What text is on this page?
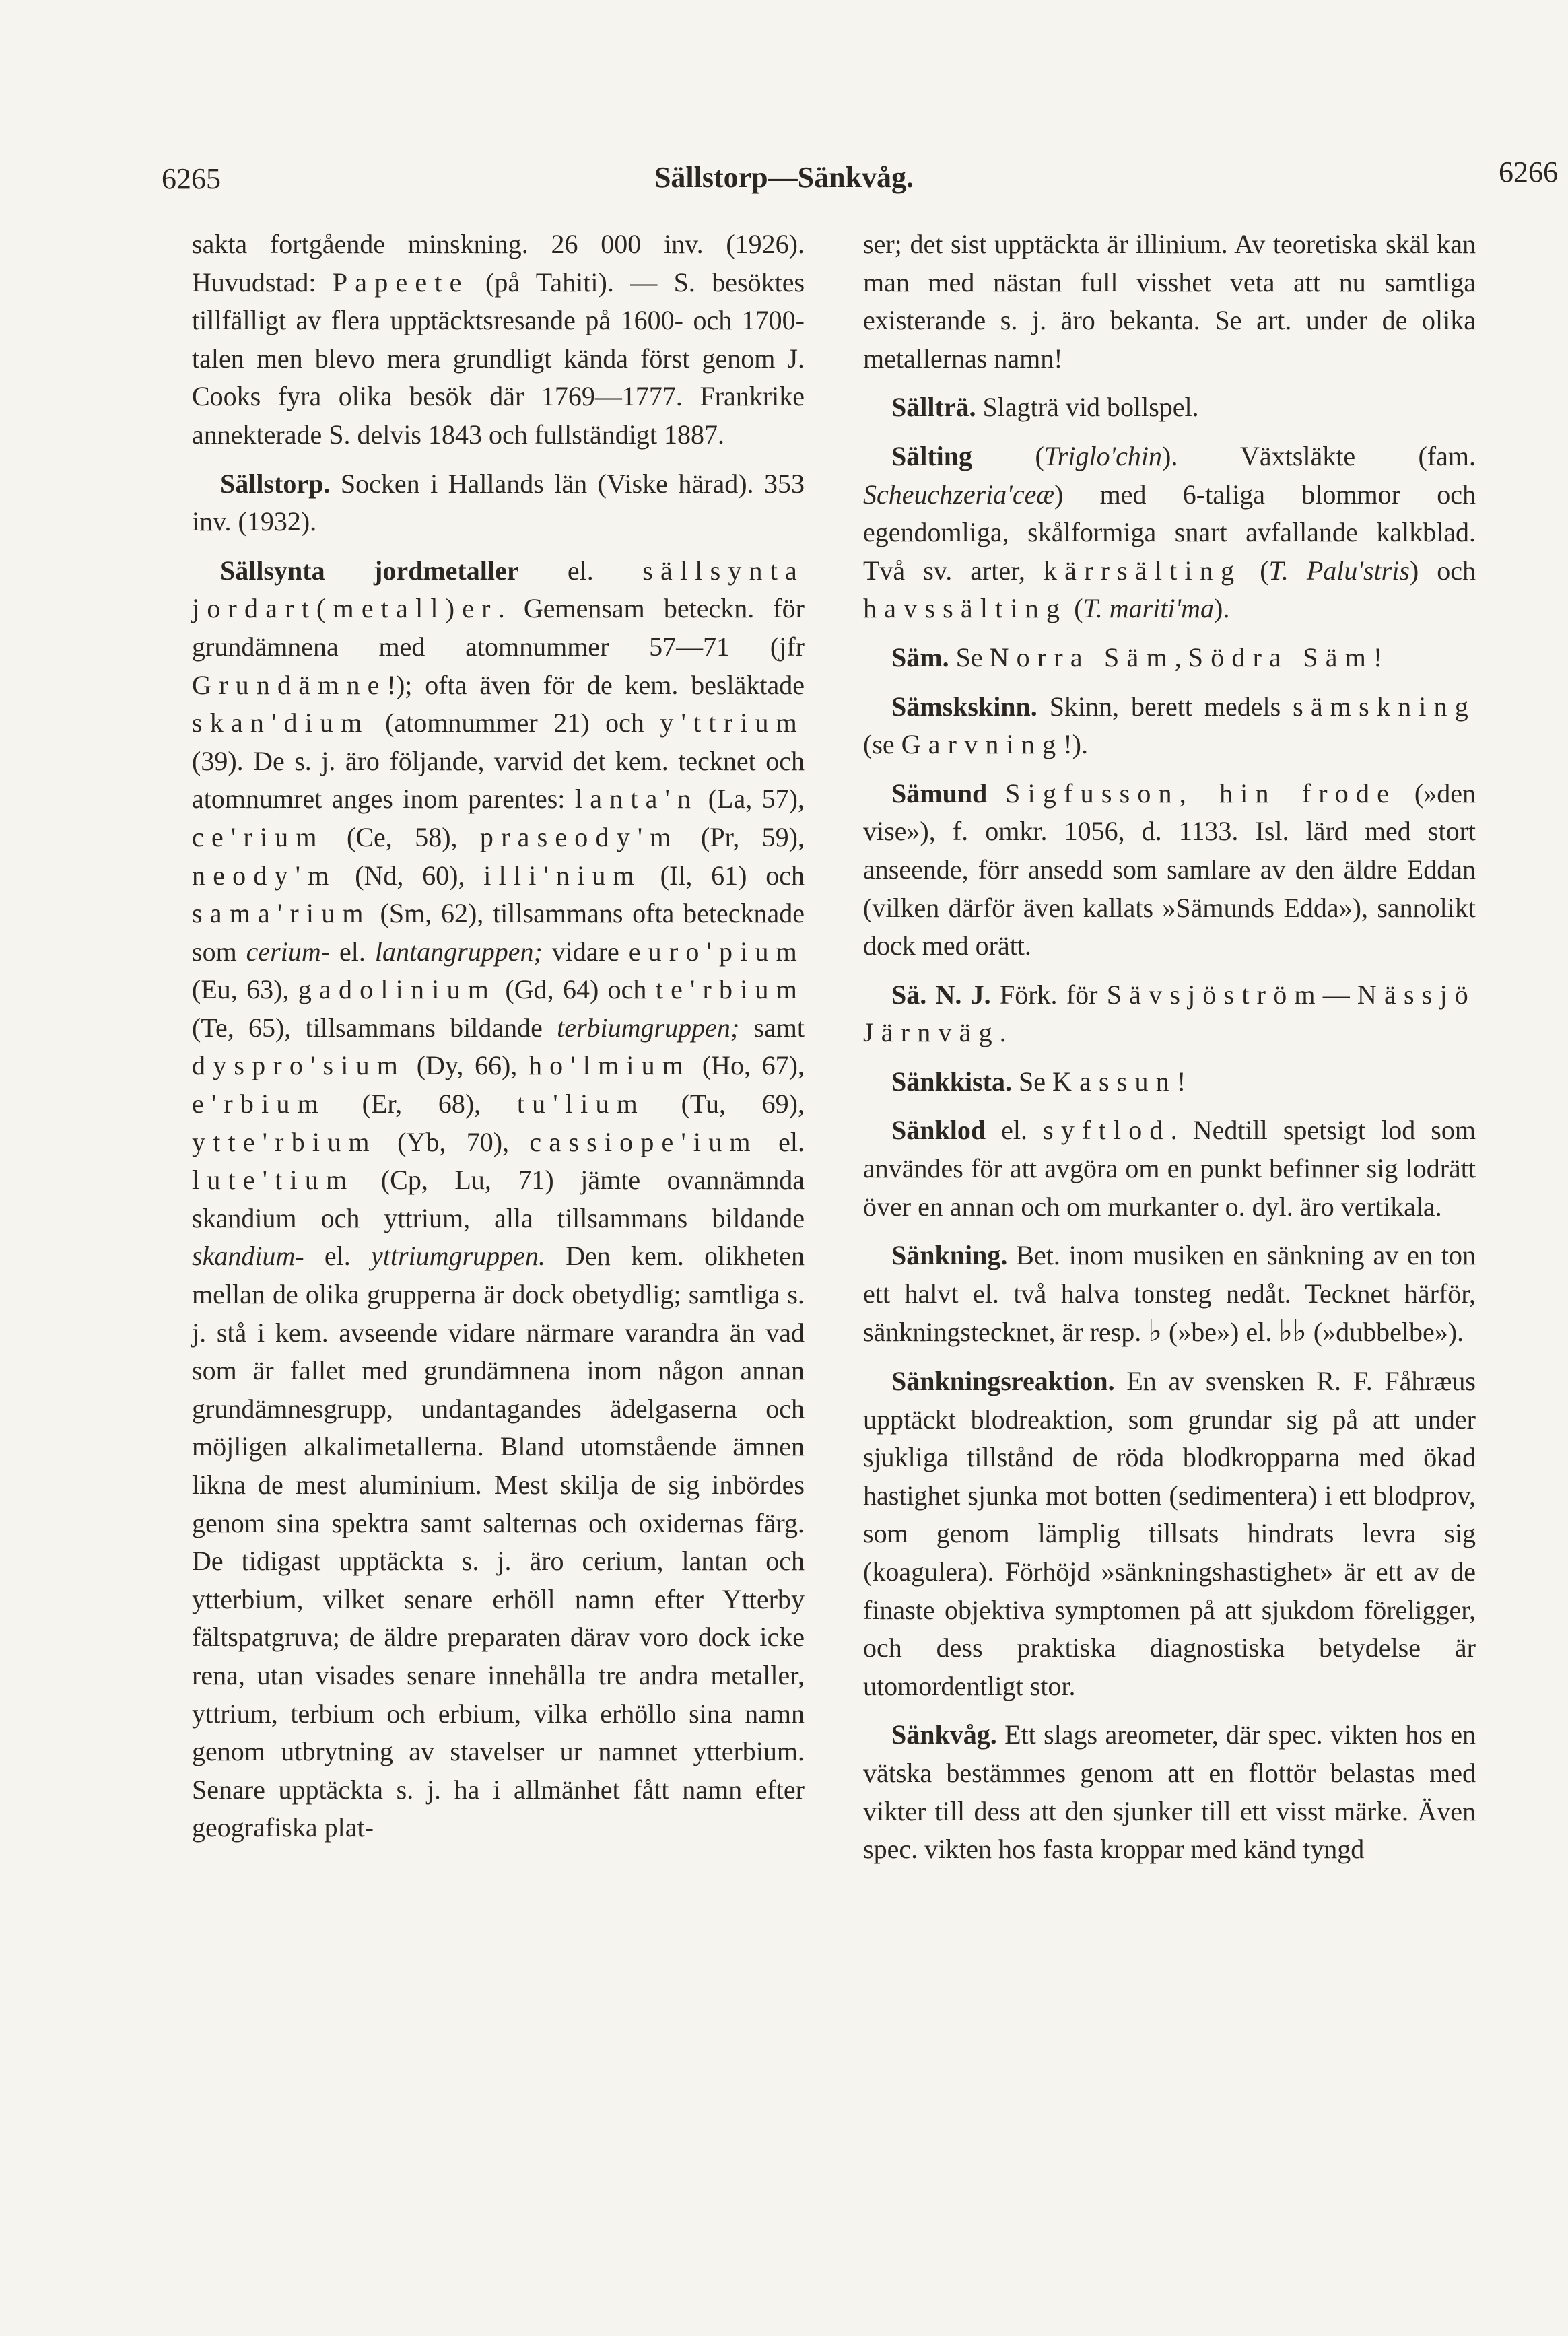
6265	Sällstorp—Sänkvåg.	6266

sakta fortgående minskning. 26 000 inv. (1926). Huvudstad: Papeete (på Tahiti). — S. besöktes tillfälligt av flera upptäcktsresande på 1600- och 1700-talen men blevo mera grundligt kända först genom J. Cooks fyra olika besök där 1769—1777. Frankrike annekterade S. delvis 1843 och fullständigt 1887.

Sällstorp. Socken i Hallands län (Viske härad). 353 inv. (1932).

Sällsynta jordmetaller el. sällsynta jordart(metall)er. Gemensam beteckn. för grundämnena med atomnummer 57—71 (jfr Grundämne!); ofta även för de kem. besläktade skan'dium (atomnummer 21) och y'ttrium (39). De s. j. äro följande, varvid det kem. tecknet och atomnumret anges inom parentes: lanta'n (La, 57), ce'rium (Ce, 58), praseody'm (Pr, 59), neody'm (Nd, 60), illi'nium (Il, 61) och sama'rium (Sm, 62), tillsammans ofta betecknade som cerium- el. lantangruppen; vidare euro'pium (Eu, 63), gadolinium (Gd, 64) och te'rbium (Te, 65), tillsammans bildande terbiumgruppen; samt dyspro'sium (Dy, 66), ho'lmium (Ho, 67), e'rbium (Er, 68), tu'lium (Tu, 69), ytte'rbium (Yb, 70), cassiope'ium el. lute'tium (Cp, Lu, 71) jämte ovannämnda skandium och yttrium, alla tillsammans bildande skandium- el. yttriumgruppen. Den kem. olikheten mellan de olika grupperna är dock obetydlig; samtliga s. j. stå i kem. avseende vidare närmare varandra än vad som är fallet med grundämnena inom någon annan grundämnesgrupp, undantagandes ädelgaserna och möjligen alkalimetallerna. Bland utomstående ämnen likna de mest aluminium. Mest skilja de sig inbördes genom sina spektra samt salternas och oxidernas färg. De tidigast upptäckta s. j. äro cerium, lantan och ytterbium, vilket senare erhöll namn efter Ytterby fältspatgruva; de äldre preparaten därav voro dock icke rena, utan visades senare innehålla tre andra metaller, yttrium, terbium och erbium, vilka erhöllo sina namn genom utbrytning av stavelser ur namnet ytterbium. Senare upptäckta s. j. ha i allmänhet fått namn efter geografiska plat-

ser; det sist upptäckta är illinium. Av teoretiska skäl kan man med nästan full visshet veta att nu samtliga existerande s. j. äro bekanta. Se art. under de olika metallernas namn!

Sällträ. Slagträ vid bollspel.

Sälting (Triglo'chin). Växtsläkte (fam. Scheuchzeria'ceæ) med 6-taliga blommor och egendomliga, skålformiga snart avfallande kalkblad. Två sv. arter, kärrsälting (T. Palu'stris) och havssälting (T. mariti'ma).

Säm. Se Norra Säm, Södra Säm!

Sämskskinn. Skinn, berett medels sämskning (se Garvning!).

Sämund Sigfusson, hin frode (»den vise»), f. omkr. 1056, d. 1133. Isl. lärd med stort anseende, förr ansedd som samlare av den äldre Eddan (vilken därför även kallats »Sämunds Edda»), sannolikt dock med orätt.

Sä. N. J. Förk. för Sävsjöström—Nässjö Järnväg.

Sänkkista. Se Kassun!

Sänklod el. syftlod. Nedtill spetsigt lod som användes för att avgöra om en punkt befinner sig lodrätt över en annan och om murkanter o. dyl. äro vertikala.

Sänkning. Bet. inom musiken en sänkning av en ton ett halvt el. två halva tonsteg nedåt. Tecknet härför, sänkningstecknet, är resp. ♭ (»be») el. ♭♭ (»dubbelbe»).

Sänkningsreaktion. En av svensken R. F. Fåhræus upptäckt blodreaktion, som grundar sig på att under sjukliga tillstånd de röda blodkropparna med ökad hastighet sjunka mot botten (sedimentera) i ett blodprov, som genom lämplig tillsats hindrats levra sig (koagulera). Förhöjd »sänkningshastighet» är ett av de finaste objektiva symptomen på att sjukdom föreligger, och dess praktiska diagnostiska betydelse är utomordentligt stor.

Sänkvåg. Ett slags areometer, där spec. vikten hos en vätska bestämmes genom att en flottör belastas med vikter till dess att den sjunker till ett visst märke. Även spec. vikten hos fasta kroppar med känd tyngd
